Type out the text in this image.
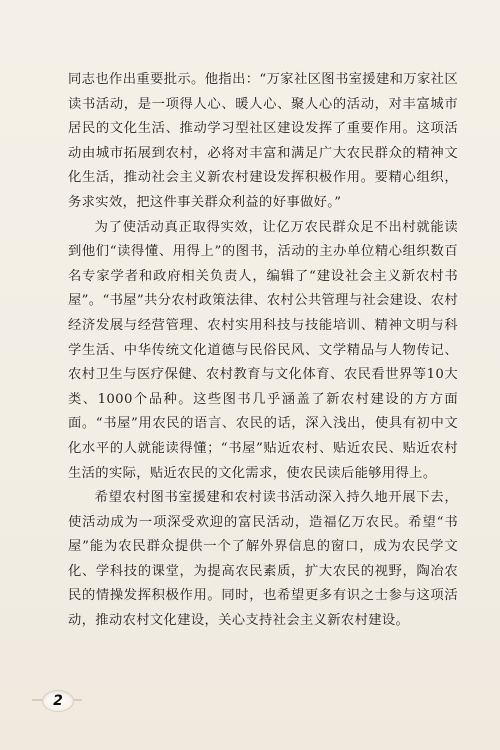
同志也作出重要批示。他指出：“万家社区图书室援建和万家社区读书活动，是一项得人心、暖人心、聚人心的活动，对丰富城市居民的文化生活、推动学习型社区建设发挥了重要作用。这项活动由城市拓展到农村，必将对丰富和满足广大农民群众的精神文化生活，推动社会主义新农村建设发挥积极作用。要精心组织，务求实效，把这件事关群众利益的好事做好。”

为了使活动真正取得实效，让亿万农民群众足不出村就能读到他们“读得懂、用得上”的图书，活动的主办单位精心组织数百名专家学者和政府相关负责人，编辑了“建设社会主义新农村书屋”。“书屋”共分农村政策法律、农村公共管理与社会建设、农村经济发展与经营管理、农村实用科技与技能培训、精神文明与科学生活、中华传统文化道德与民俗民风、文学精品与人物传记、农村卫生与医疗保健、农村教育与文化体育、农民看世界等10大类、1000个品种。这些图书几乎涵盖了新农村建设的方方面面。“书屋”用农民的语言、农民的话，深入浅出，使具有初中文化水平的人就能读得懂；“书屋”贴近农村、贴近农民、贴近农村生活的实际，贴近农民的文化需求，使农民读后能够用得上。

希望农村图书室援建和农村读书活动深入持久地开展下去，使活动成为一项深受欢迎的富民活动，造福亿万农民。希望“书屋”能为农民群众提供一个了解外界信息的窗口，成为农民学文化、学科技的课堂，为提高农民素质，扩大农民的视野，陶冶农民的情操发挥积极作用。同时，也希望更多有识之士参与这项活动，推动农村文化建设，关心支持社会主义新农村建设。

2
